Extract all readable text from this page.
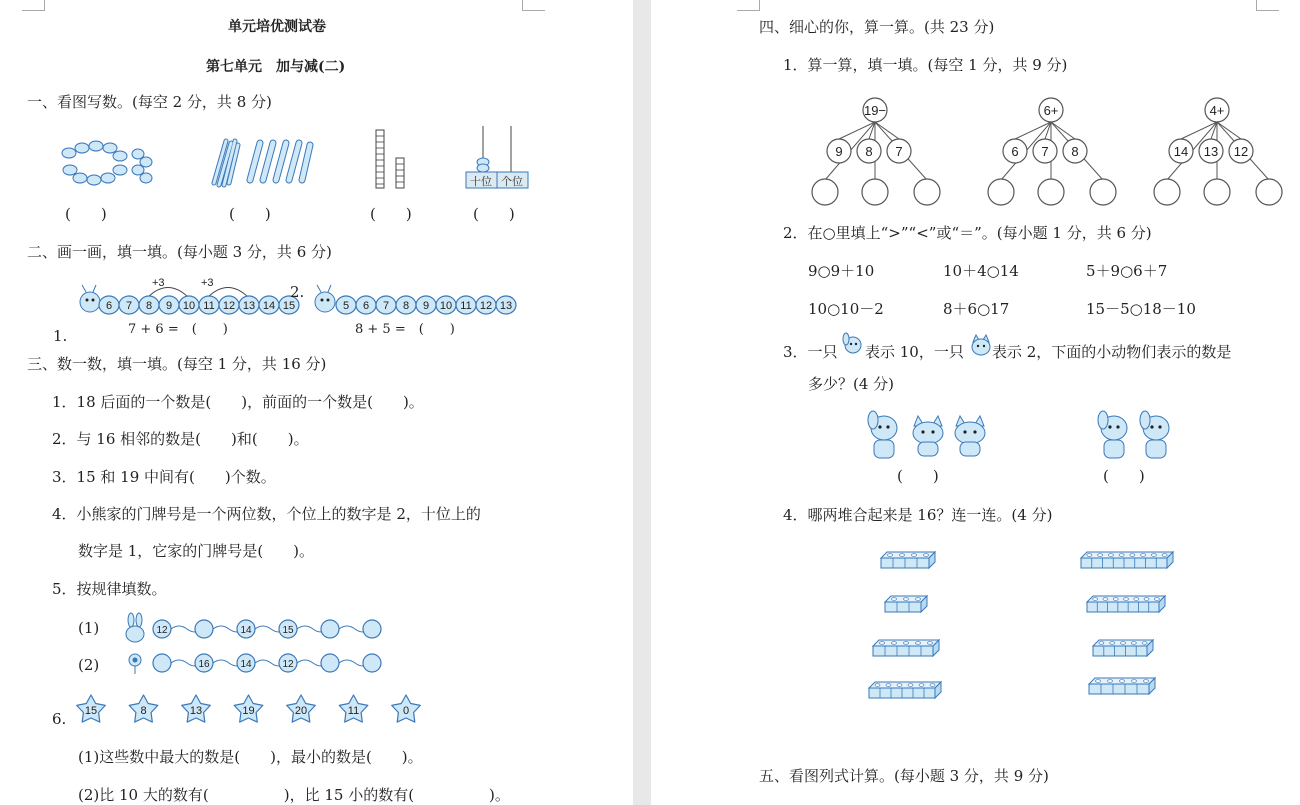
单元培优测试卷
第七单元　加与减(二)
一、看图写数。(每空 2 分，共 8 分)
十位 个位
(　　)	(　　)	(　　)	(　　)
二、画一画，填一填。(每小题 3 分，共 6 分)
+3	+3
6 7 8 9 10 11 12 13 14 15
1.	7 + 6 =　(　　)
2.
5 6 7 8 9 10 11 12 13
8 + 5 =　(　　)
三、数一数，填一填。(每空 1 分，共 16 分)
1．18 后面的一个数是(　　)，前面的一个数是(　　)。
2．与 16 相邻的数是(　　)和(　　)。
3．15 和 19 中间有(　　)个数。
4．小熊家的门牌号是一个两位数，个位上的数字是 2，十位上的
数字是 1，它家的门牌号是(　　)。
5．按规律填数。
(1)	12	14	15
(2)	16	14	12
6. 15	8	13	19	20	11	0
(1)这些数中最大的数是(　　)，最小的数是(　　)。
(2)比 10 大的数有(　　　　　)，比 15 小的数有(　　　　　)。
四、细心的你，算一算。(共 23 分)
1．算一算，填一填。(每空 1 分，共 9 分)
19−
9 8 7
6+
6 7 8
4+
14 13 12
2．在○里填上“>”“<”或“＝”。(每小题 1 分，共 6 分)
9○9＋10	10＋4○14	5＋9○6＋7
10○10－2	8＋6○17	15－5○18－10
3．一只 表示 10，一只 表示 2，下面的小动物们表示的数是
多少？(4 分)
(　　)	(　　)
4．哪两堆合起来是 16？连一连。(4 分)
五、看图列式计算。(每小题 3 分，共 9 分)
